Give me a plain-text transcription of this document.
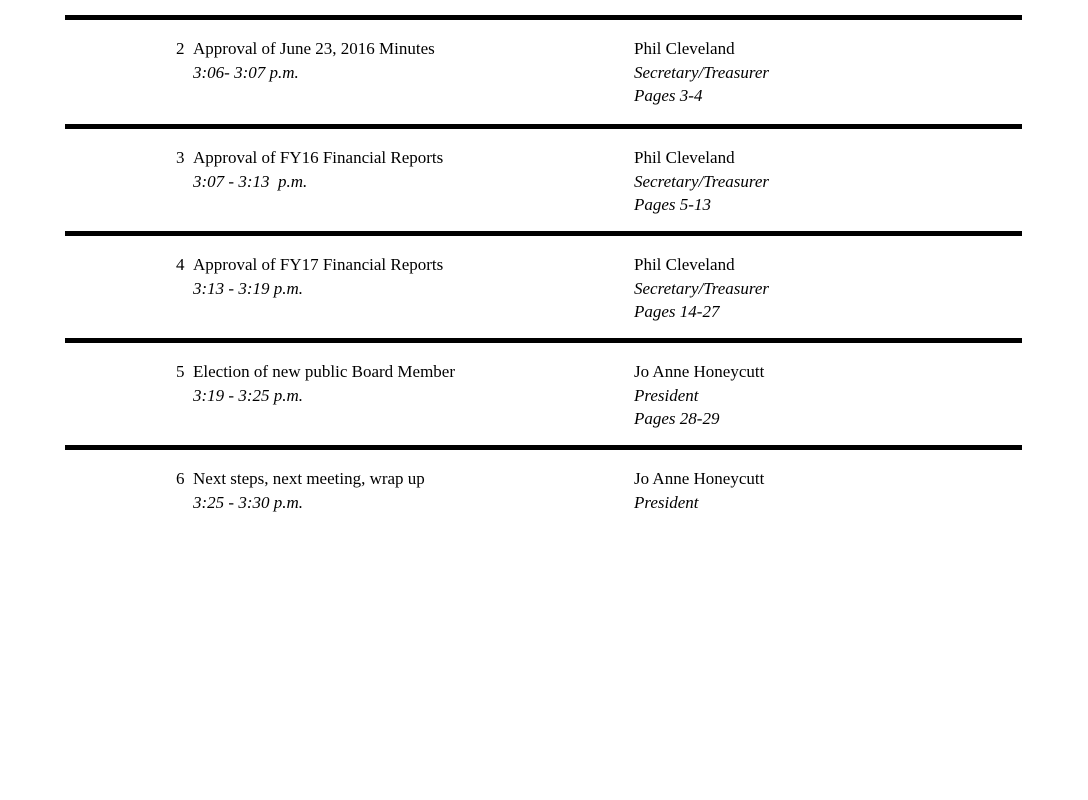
2 Approval of June 23, 2016 Minutes
3:06- 3:07 p.m.
Phil Cleveland
Secretary/Treasurer
Pages 3-4
3 Approval of FY16 Financial Reports
3:07 - 3:13  p.m.
Phil Cleveland
Secretary/Treasurer
Pages 5-13
4 Approval of FY17 Financial Reports
3:13 - 3:19 p.m.
Phil Cleveland
Secretary/Treasurer
Pages 14-27
5 Election of new public Board Member
3:19 - 3:25 p.m.
Jo Anne Honeycutt
President
Pages 28-29
6 Next steps, next meeting, wrap up
3:25 - 3:30 p.m.
Jo Anne Honeycutt
President
